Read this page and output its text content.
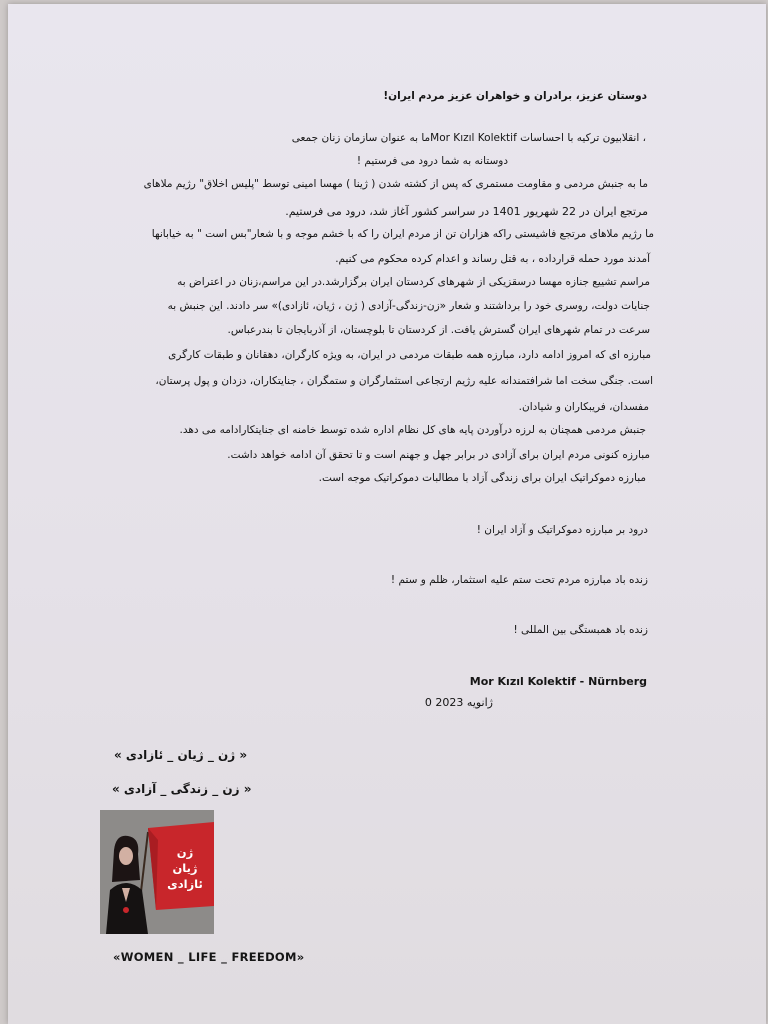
دوستان عزیز، برادران و خواهران عزیز مردم ایران!
، انقلابیون ترکیه با احساسات Mor Kızıl Kolektifما به عنوان سازمان زنان جمعی
دوستانه به شما درود می فرستیم !
ما به جنبش مردمی و مقاومت مستمری که پس از کشته شدن ( ژینا ) مهسا امینی توسط "پلیس اخلاق" رژیم ملاهای
مرتجع ایران در 22 شهریور 1401 در سراسر کشور آغاز شد، درود می فرستیم.
ما رژیم ملاهای مرتجع فاشیستی راکه هزاران تن از مردم ایران را که با خشم موجه و با شعار"بس است " به خیابانها
آمدند مورد حمله قرارداده ، به قتل رساند و اعدام کرده محکوم می کنیم.
مراسم تشییع جنازه مهسا درسقزیکی از شهرهای کردستان ایران برگزارشد.در این مراسم،زنان در اعتراض به
جنایات دولت، روسری خود را برداشتند و شعار «زن-زندگی-آزادی ( ژن ، ژیان، ئازادی)» سر دادند. این جنبش به
سرعت در تمام شهرهای ایران گسترش یافت. از کردستان تا بلوچستان، از آذربایجان تا بندرعباس.
مبارزه ای که امروز ادامه دارد، مبارزه همه طبقات مردمی در ایران، به ویژه کارگران، دهقانان و طبقات کارگری
است. جنگی سخت اما شرافتمندانه علیه رژیم ارتجاعی استثمارگران و ستمگران ، جنایتکاران، دزدان و پول پرستان،
مفسدان، فریبکاران و شیادان.
جنبش مردمی همچنان به لرزه درآوردن پایه های کل نظام اداره شده توسط خامنه ای جنایتکارادامه می دهد.
مبارزه کنونی مردم ایران برای آزادی در برابر جهل و جهنم است و تا تحقق آن ادامه خواهد داشت.
مبارزه دموکراتیک ایران برای زندگی آزاد با مطالبات دموکراتیک موجه است.
درود بر مبارزه دموکراتیک و آزاد ایران !
زنده باد مبارزه مردم تحت ستم علیه استثمار، ظلم و ستم !
زنده باد همبستگی بین المللی !
Mor Kızıl Kolektif - Nürnberg
0 ژانویه 2023
« ژن _ ژیان _ ئازادی »
« زن _ زندگی _ آزادی »
ژن
ژیان
ئازادی
«WOMEN _ LIFE _ FREEDOM»
